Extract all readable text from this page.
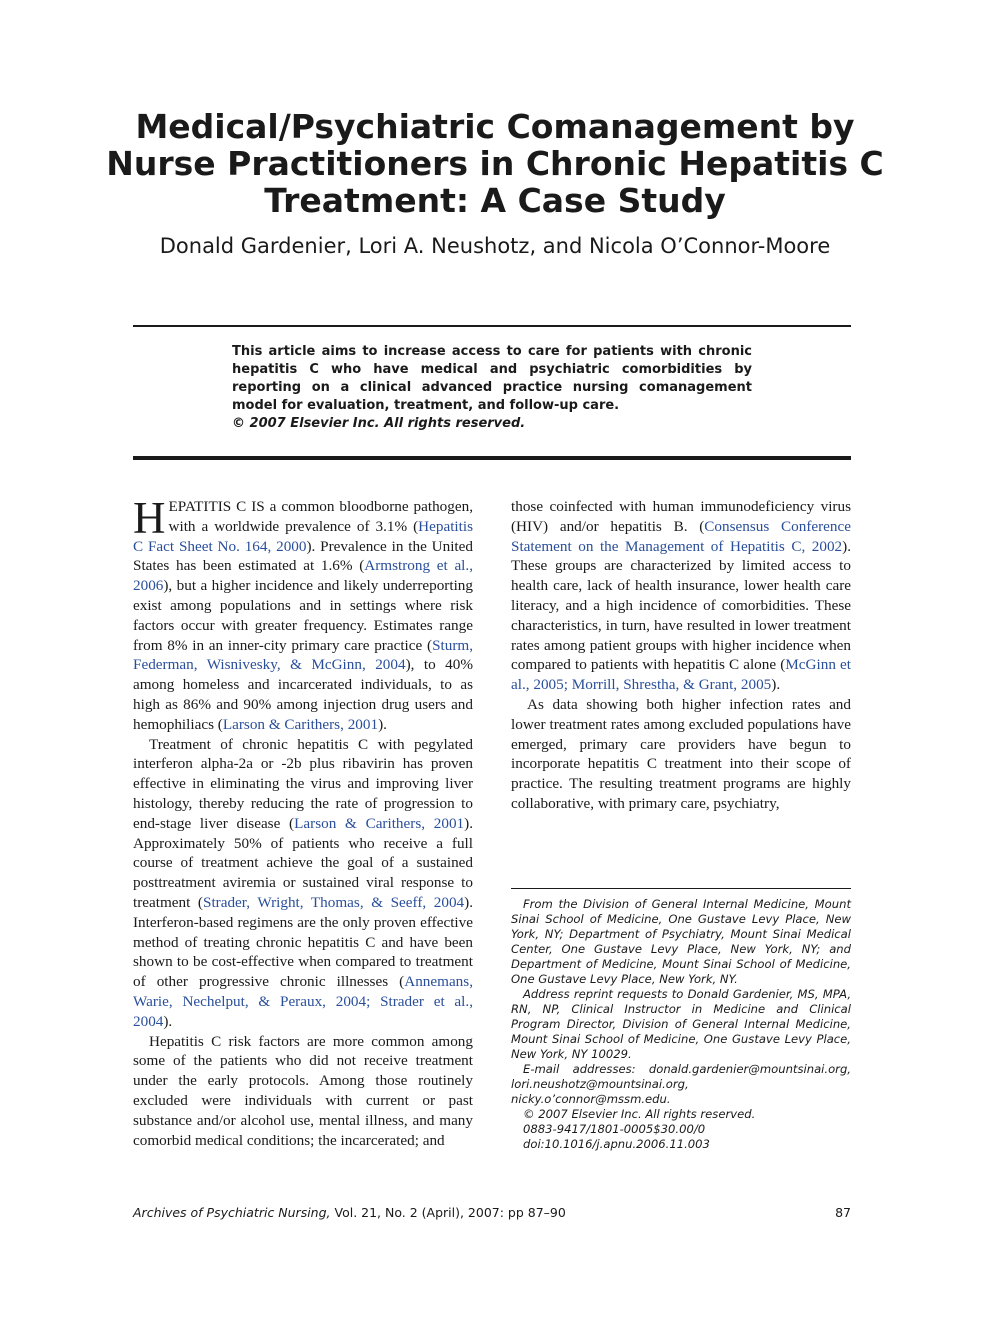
Medical/Psychiatric Comanagement by Nurse Practitioners in Chronic Hepatitis C Treatment: A Case Study
Donald Gardenier, Lori A. Neushotz, and Nicola O’Connor-Moore
This article aims to increase access to care for patients with chronic hepatitis C who have medical and psychiatric comorbidities by reporting on a clinical advanced practice nursing comanagement model for evaluation, treatment, and follow-up care.
© 2007 Elsevier Inc. All rights reserved.

HEPATITIS C IS a common bloodborne pathogen, with a worldwide prevalence of 3.1% (Hepatitis C Fact Sheet No. 164, 2000). Prevalence in the United States has been estimated at 1.6% (Armstrong et al., 2006), but a higher incidence and likely underreporting exist among populations and in settings where risk factors occur with greater frequency. Estimates range from 8% in an inner-city primary care practice (Sturm, Federman, Wisnivesky, & McGinn, 2004), to 40% among homeless and incarcerated individuals, to as high as 86% and 90% among injection drug users and hemophiliacs (Larson & Carithers, 2001).

Treatment of chronic hepatitis C with pegylated interferon alpha-2a or -2b plus ribavirin has proven effective in eliminating the virus and improving liver histology, thereby reducing the rate of progression to end-stage liver disease (Larson & Carithers, 2001). Approximately 50% of patients who receive a full course of treatment achieve the goal of a sustained posttreatment aviremia or sustained viral response to treatment (Strader, Wright, Thomas, & Seeff, 2004). Interferon-based regimens are the only proven effective method of treating chronic hepatitis C and have been shown to be cost-effective when compared to treatment of other progressive chronic illnesses (Annemans, Warie, Nechelput, & Peraux, 2004; Strader et al., 2004).

Hepatitis C risk factors are more common among some of the patients who did not receive treatment under the early protocols. Among those routinely excluded were individuals with current or past substance and/or alcohol use, mental illness, and many comorbid medical conditions; the incarcerated; and

those coinfected with human immunodeficiency virus (HIV) and/or hepatitis B. (Consensus Conference Statement on the Management of Hepatitis C, 2002). These groups are characterized by limited access to health care, lack of health insurance, lower health care literacy, and a high incidence of comorbidities. These characteristics, in turn, have resulted in lower treatment rates among patient groups with higher incidence when compared to patients with hepatitis C alone (McGinn et al., 2005; Morrill, Shrestha, & Grant, 2005).

As data showing both higher infection rates and lower treatment rates among excluded populations have emerged, primary care providers have begun to incorporate hepatitis C treatment into their scope of practice. The resulting treatment programs are highly collaborative, with primary care, psychiatry,

From the Division of General Internal Medicine, Mount Sinai School of Medicine, One Gustave Levy Place, New York, NY; Department of Psychiatry, Mount Sinai Medical Center, One Gustave Levy Place, New York, NY; and Department of Medicine, Mount Sinai School of Medicine, One Gustave Levy Place, New York, NY.

Address reprint requests to Donald Gardenier, MS, MPA, RN, NP, Clinical Instructor in Medicine and Clinical Program Director, Division of General Internal Medicine, Mount Sinai School of Medicine, One Gustave Levy Place, New York, NY 10029.

E-mail addresses: donald.gardenier@mountsinai.org, lori.neushotz@mountsinai.org, nicky.o’connor@mssm.edu.

© 2007 Elsevier Inc. All rights reserved.

0883-9417/1801-0005$30.00/0

doi:10.1016/j.apnu.2006.11.003

Archives of Psychiatric Nursing, Vol. 21, No. 2 (April), 2007: pp 87–90	87
